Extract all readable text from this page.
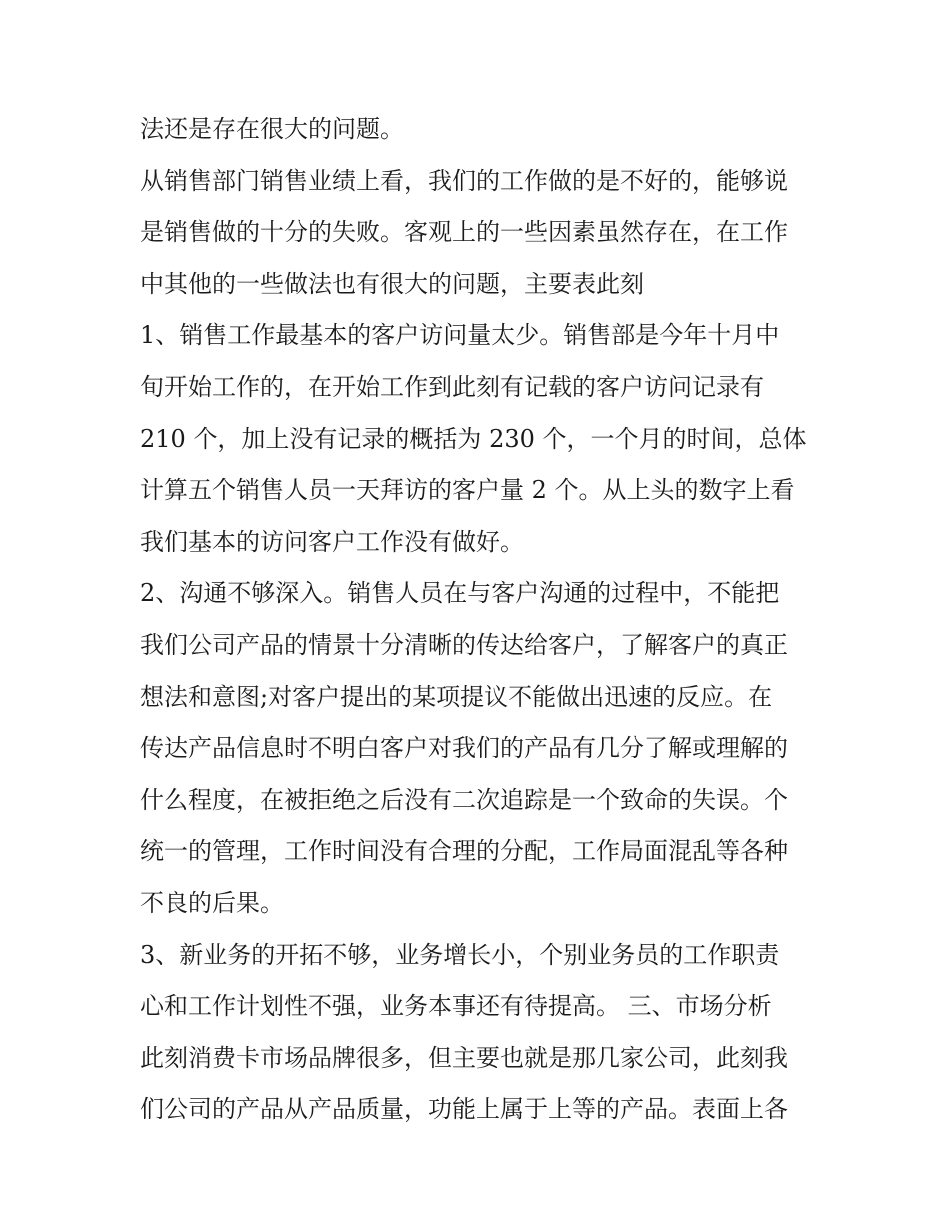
法还是存在很大的问题。
从销售部门销售业绩上看，我们的工作做的是不好的，能够说
是销售做的十分的失败。客观上的一些因素虽然存在，在工作
中其他的一些做法也有很大的问题，主要表此刻
1、销售工作最基本的客户访问量太少。销售部是今年十月中
旬开始工作的，在开始工作到此刻有记载的客户访问记录有
210 个，加上没有记录的概括为 230 个，一个月的时间，总体
计算五个销售人员一天拜访的客户量 2 个。从上头的数字上看
我们基本的访问客户工作没有做好。
2、沟通不够深入。销售人员在与客户沟通的过程中，不能把
我们公司产品的情景十分清晰的传达给客户，了解客户的真正
想法和意图;对客户提出的某项提议不能做出迅速的反应。在
传达产品信息时不明白客户对我们的产品有几分了解或理解的
什么程度，在被拒绝之后没有二次追踪是一个致命的失误。个
统一的管理，工作时间没有合理的分配，工作局面混乱等各种
不良的后果。
3、新业务的开拓不够，业务增长小，个别业务员的工作职责
心和工作计划性不强，业务本事还有待提高。 三、市场分析
此刻消费卡市场品牌很多，但主要也就是那几家公司，此刻我
们公司的产品从产品质量，功能上属于上等的产品。表面上各
